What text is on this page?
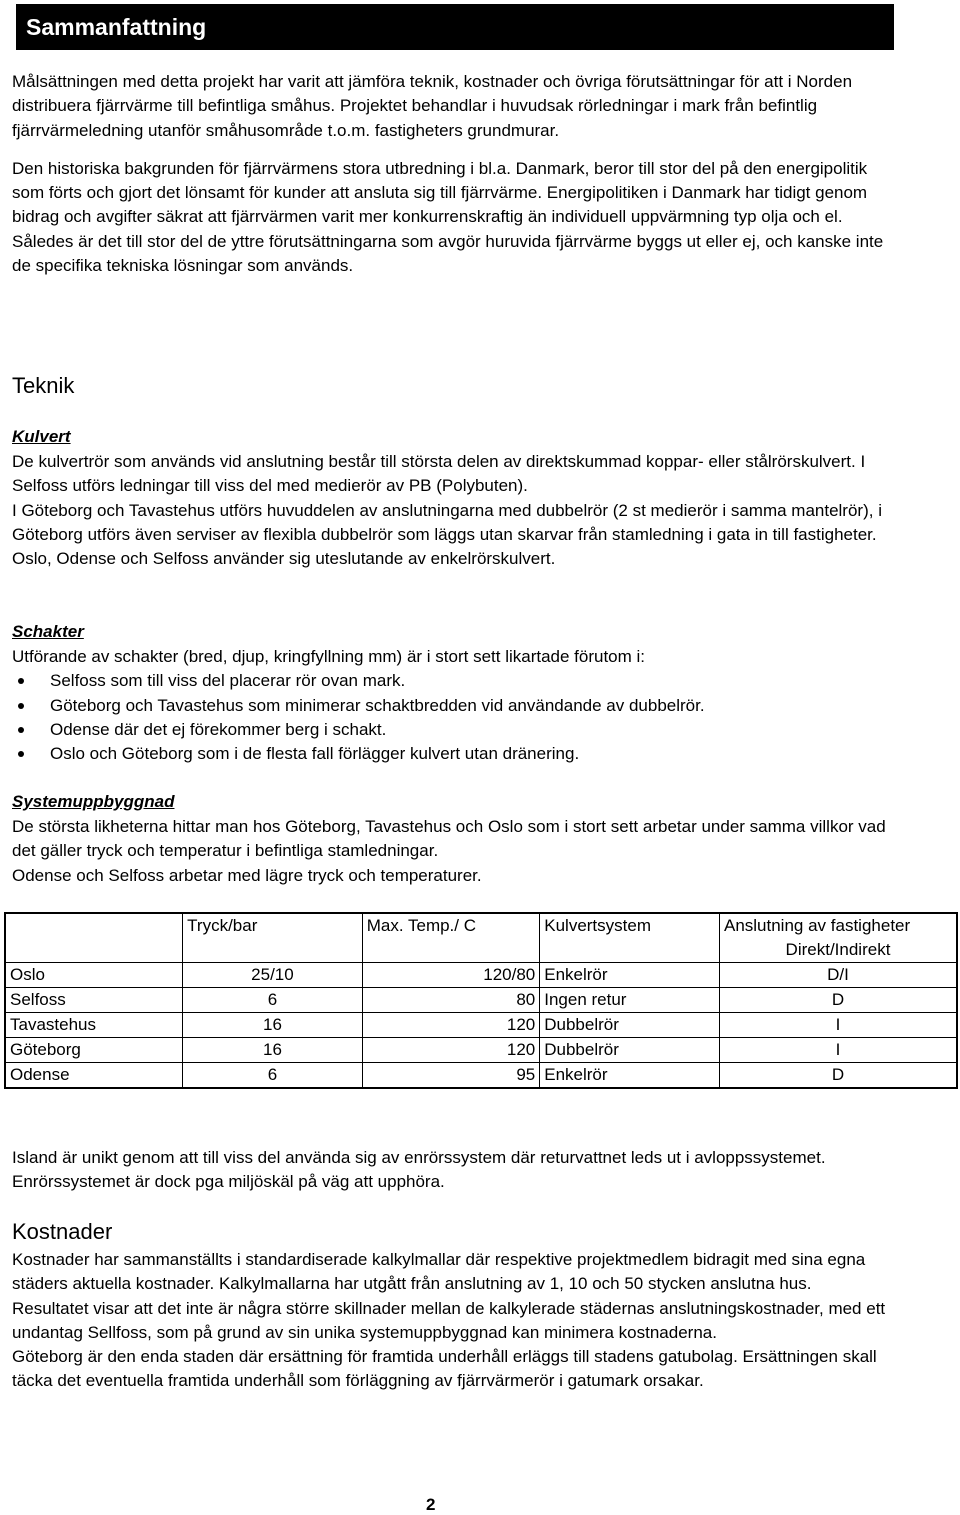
Sammanfattning

Målsättningen med detta projekt har varit att jämföra teknik, kostnader och övriga förutsättningar för att i Norden distribuera fjärrvärme till befintliga småhus. Projektet behandlar i huvudsak rörledningar i mark från befintlig fjärrvärmeledning utanför småhusområde t.o.m. fastigheters grundmurar.

Den historiska bakgrunden för fjärrvärmens stora utbredning i bl.a. Danmark, beror till stor del på den energipolitik som förts och gjort det lönsamt för kunder att ansluta sig till fjärrvärme. Energipolitiken i Danmark har tidigt genom bidrag och avgifter säkrat att fjärrvärmen varit mer konkurrenskraftig än individuell uppvärmning typ olja och el. Således är det till stor del de yttre förutsättningarna som avgör huruvida fjärrvärme byggs ut eller ej, och kanske inte de specifika tekniska lösningar som används.

Teknik
Kulvert

De kulvertrör som används vid anslutning består till största delen av direktskummad koppar- eller stålrörskulvert. I Selfoss utförs ledningar till viss del med medierör av PB (Polybuten).

I Göteborg och Tavastehus utförs huvuddelen av anslutningarna med dubbelrör (2 st medierör i samma mantelrör), i Göteborg utförs även serviser av flexibla dubbelrör som läggs utan skarvar från stamledning i gata in till fastigheter. Oslo, Odense och Selfoss använder sig uteslutande av enkelrörskulvert.

Schakter

Utförande av schakter (bred, djup, kringfyllning mm) är i stort sett likartade förutom i:

Selfoss som till viss del placerar rör ovan mark.
Göteborg och Tavastehus som minimerar schaktbredden vid användande av dubbelrör.
Odense där det ej förekommer berg i schakt.
Oslo och Göteborg som i de flesta fall förlägger kulvert utan dränering.
Systemuppbyggnad

De största likheterna hittar man hos Göteborg, Tavastehus och Oslo som i stort sett arbetar under samma villkor vad det gäller tryck och temperatur i befintliga stamledningar.

Odense och Selfoss arbetar med lägre tryck och temperaturer.

	Tryck/bar	Max. Temp./ C	Kulvertsystem	Anslutning av fastigheter
Direkt/Indirekt

Oslo	25/10	120/80	Enkelrör	D/I
Selfoss	6	80	Ingen retur	D
Tavastehus	16	120	Dubbelrör	I
Göteborg	16	120	Dubbelrör	I
Odense	6	95	Enkelrör	D
Island är unikt genom att till viss del använda sig av enrörssystem där returvattnet leds ut i avloppssystemet. Enrörssystemet är dock pga miljöskäl på väg att upphöra.
Kostnader

Kostnader har sammanställts i standardiserade kalkylmallar där respektive projektmedlem bidragit med sina egna städers aktuella kostnader. Kalkylmallarna har utgått från anslutning av 1, 10 och 50 stycken anslutna hus.

Resultatet visar att det inte är några större skillnader mellan de kalkylerade städernas anslutningskostnader, med ett undantag Sellfoss, som på grund av sin unika systemuppbyggnad kan minimera kostnaderna.

Göteborg är den enda staden där ersättning för framtida underhåll erläggs till stadens gatubolag. Ersättningen skall täcka det eventuella framtida underhåll som förläggning av fjärrvärmerör i gatumark orsakar.

2
